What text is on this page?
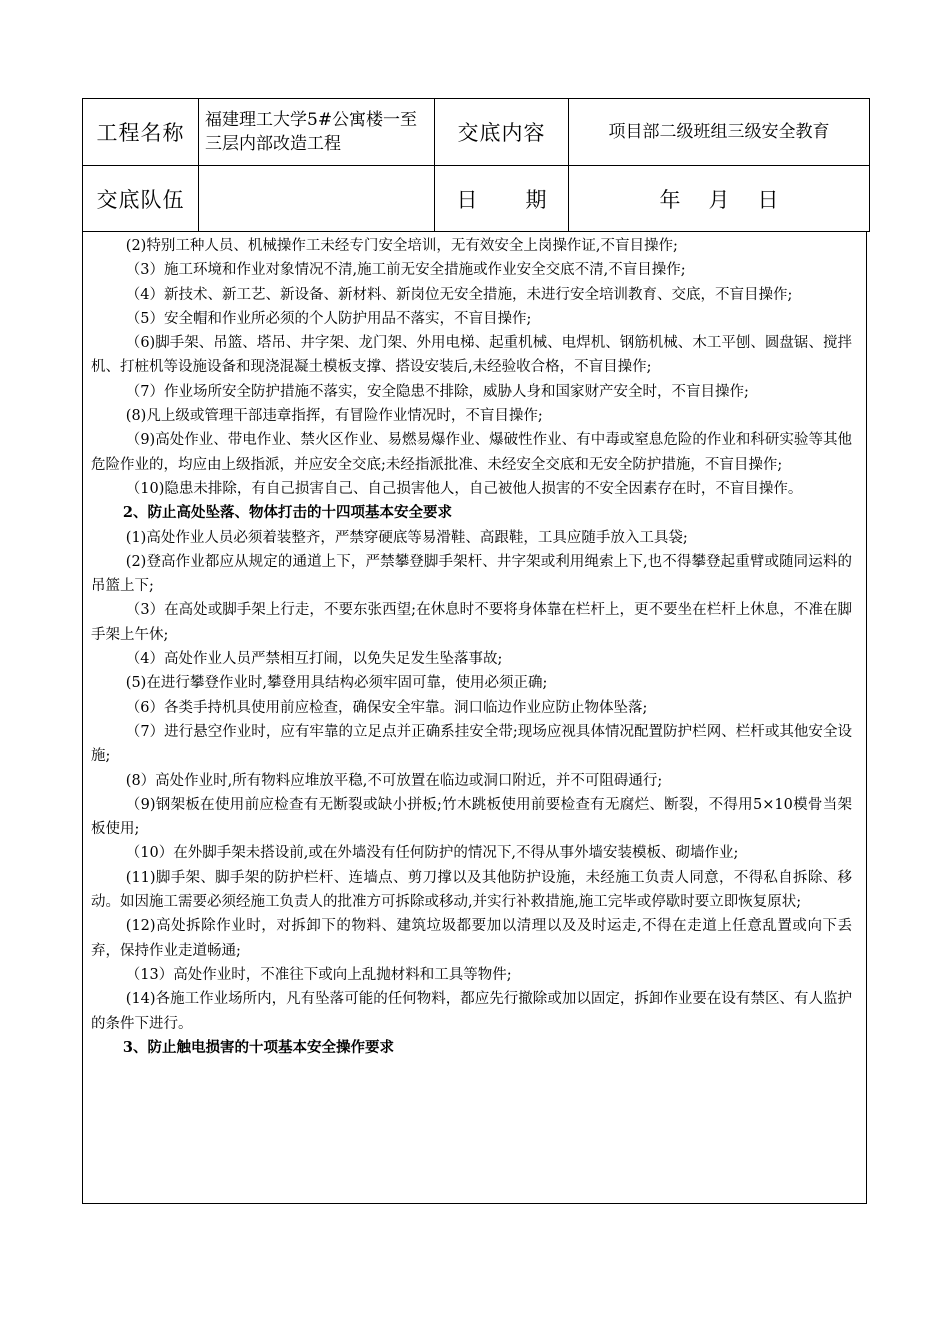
工程名称	福建理工大学5#公寓楼一至三层内部改造工程	交底内容	项目部二级班组三级安全教育
交底队伍		日 期	年 月 日

(2)特别工种人员、机械操作工未经专门安全培训，无有效安全上岗操作证,不盲目操作;

（3）施工环境和作业对象情况不清,施工前无安全措施或作业安全交底不清,不盲目操作;

（4）新技术、新工艺、新设备、新材料、新岗位无安全措施，未进行安全培训教育、交底，不盲目操作;

（5）安全帽和作业所必须的个人防护用品不落实，不盲目操作;

（6)脚手架、吊篮、塔吊、井字架、龙门架、外用电梯、起重机械、电焊机、钢筋机械、木工平刨、圆盘锯、搅拌机、打桩机等设施设备和现浇混凝土模板支撑、搭设安装后,未经验收合格，不盲目操作;

（7）作业场所安全防护措施不落实，安全隐患不排除，威胁人身和国家财产安全时，不盲目操作;

(8)凡上级或管理干部违章指挥，有冒险作业情况时，不盲目操作;

（9)高处作业、带电作业、禁火区作业、易燃易爆作业、爆破性作业、有中毒或窒息危险的作业和科研实验等其他危险作业的，均应由上级指派，并应安全交底;未经指派批准、未经安全交底和无安全防护措施，不盲目操作;

（10)隐患未排除，有自己损害自己、自己损害他人，自己被他人损害的不安全因素存在时，不盲目操作。

2、防止高处坠落、物体打击的十四项基本安全要求

(1)高处作业人员必须着装整齐，严禁穿硬底等易滑鞋、高跟鞋，工具应随手放入工具袋;

(2)登高作业都应从规定的通道上下，严禁攀登脚手架杆、井字架或利用绳索上下,也不得攀登起重臂或随同运料的吊篮上下;

（3）在高处或脚手架上行走，不要东张西望;在休息时不要将身体靠在栏杆上，更不要坐在栏杆上休息，不准在脚手架上午休;

（4）高处作业人员严禁相互打闹，以免失足发生坠落事故;

(5)在进行攀登作业时,攀登用具结构必须牢固可靠，使用必须正确;

（6）各类手持机具使用前应检查，确保安全牢靠。洞口临边作业应防止物体坠落;

（7）进行悬空作业时，应有牢靠的立足点并正确系挂安全带;现场应视具体情况配置防护栏网、栏杆或其他安全设施;

(8）高处作业时,所有物料应堆放平稳,不可放置在临边或洞口附近，并不可阻碍通行;

（9)钢架板在使用前应检查有无断裂或缺小拼板;竹木跳板使用前要检查有无腐烂、断裂，不得用5×10模骨当架板使用;

（10）在外脚手架未搭设前,或在外墙没有任何防护的情况下,不得从事外墙安装模板、砌墙作业;

(11)脚手架、脚手架的防护栏杆、连墙点、剪刀撑以及其他防护设施，未经施工负责人同意，不得私自拆除、移动。如因施工需要必须经施工负责人的批准方可拆除或移动,并实行补救措施,施工完毕或停歇时要立即恢复原状;

(12)高处拆除作业时，对拆卸下的物料、建筑垃圾都要加以清理以及及时运走,不得在走道上任意乱置或向下丢弃，保持作业走道畅通;

（13）高处作业时，不准往下或向上乱抛材料和工具等物件;

(14)各施工作业场所内，凡有坠落可能的任何物料，都应先行撤除或加以固定，拆卸作业要在设有禁区、有人监护的条件下进行。

3、防止触电损害的十项基本安全操作要求
